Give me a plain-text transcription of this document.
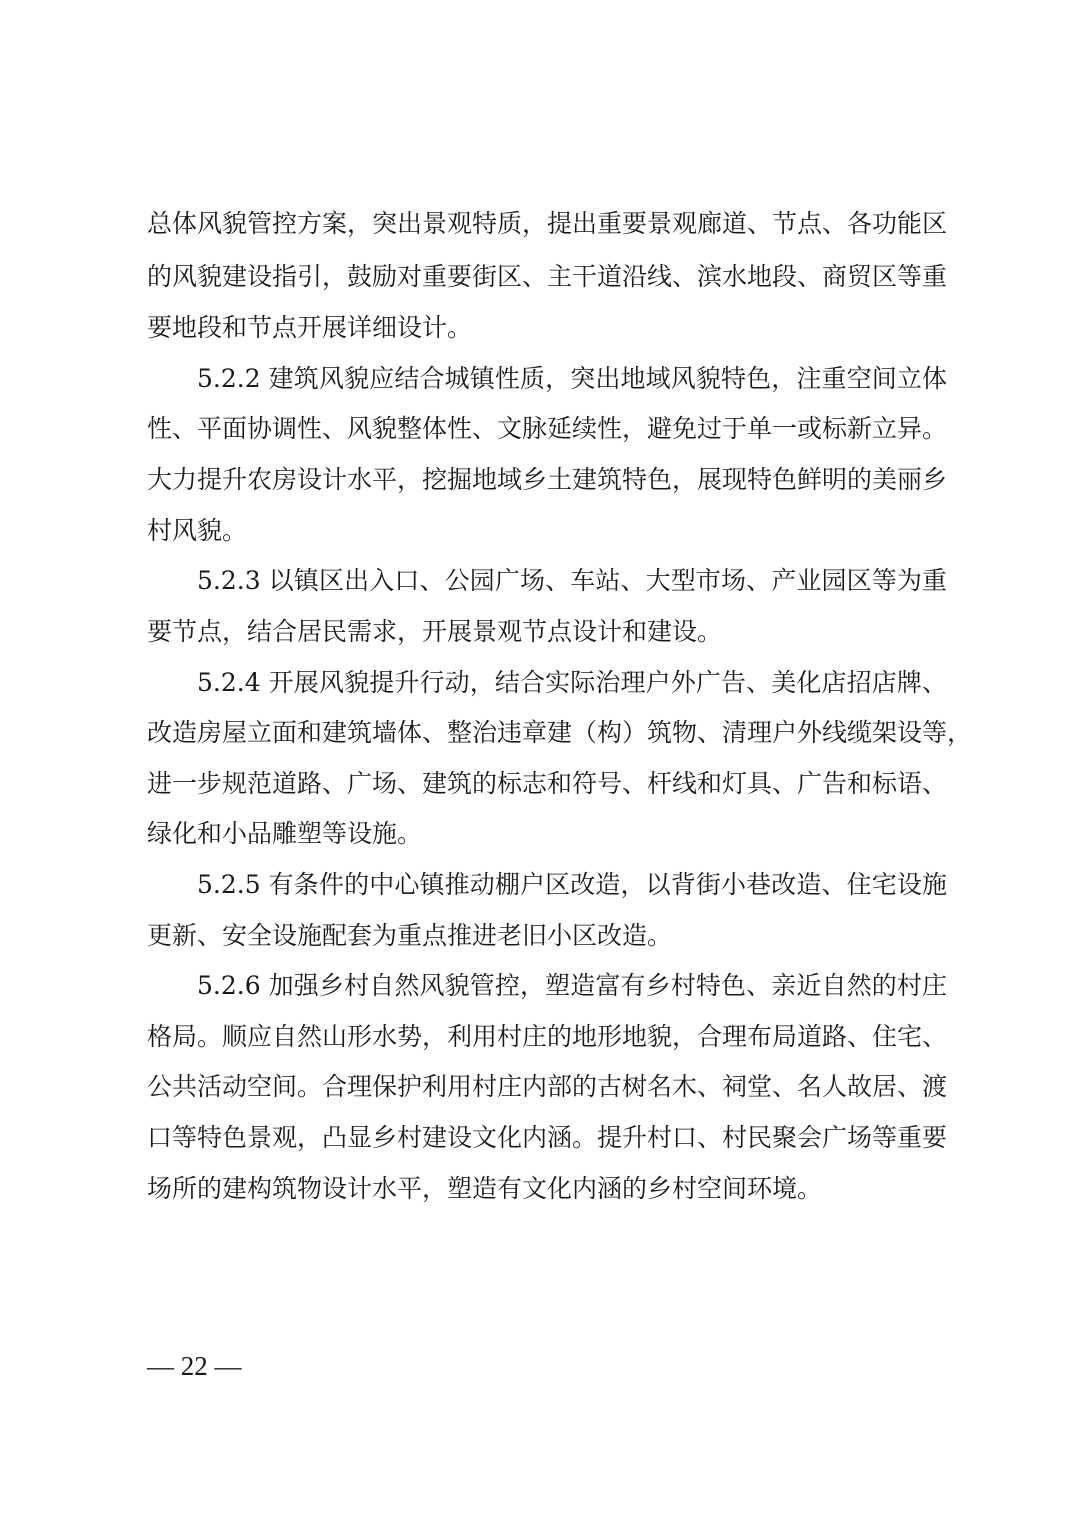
总体风貌管控方案，突出景观特质，提出重要景观廊道、节点、各功能区
的风貌建设指引，鼓励对重要街区、主干道沿线、滨水地段、商贸区等重
要地段和节点开展详细设计。
5.2.2 建筑风貌应结合城镇性质，突出地域风貌特色，注重空间立体
性、平面协调性、风貌整体性、文脉延续性，避免过于单一或标新立异。
大力提升农房设计水平，挖掘地域乡土建筑特色，展现特色鲜明的美丽乡
村风貌。
5.2.3 以镇区出入口、公园广场、车站、大型市场、产业园区等为重
要节点，结合居民需求，开展景观节点设计和建设。
5.2.4 开展风貌提升行动，结合实际治理户外广告、美化店招店牌、
改造房屋立面和建筑墙体、整治违章建（构）筑物、清理户外线缆架设等，
进一步规范道路、广场、建筑的标志和符号、杆线和灯具、广告和标语、
绿化和小品雕塑等设施。
5.2.5 有条件的中心镇推动棚户区改造，以背街小巷改造、住宅设施
更新、安全设施配套为重点推进老旧小区改造。
5.2.6 加强乡村自然风貌管控，塑造富有乡村特色、亲近自然的村庄
格局。顺应自然山形水势，利用村庄的地形地貌，合理布局道路、住宅、
公共活动空间。合理保护利用村庄内部的古树名木、祠堂、名人故居、渡
口等特色景观，凸显乡村建设文化内涵。提升村口、村民聚会广场等重要
场所的建构筑物设计水平，塑造有文化内涵的乡村空间环境。
— 22 —
